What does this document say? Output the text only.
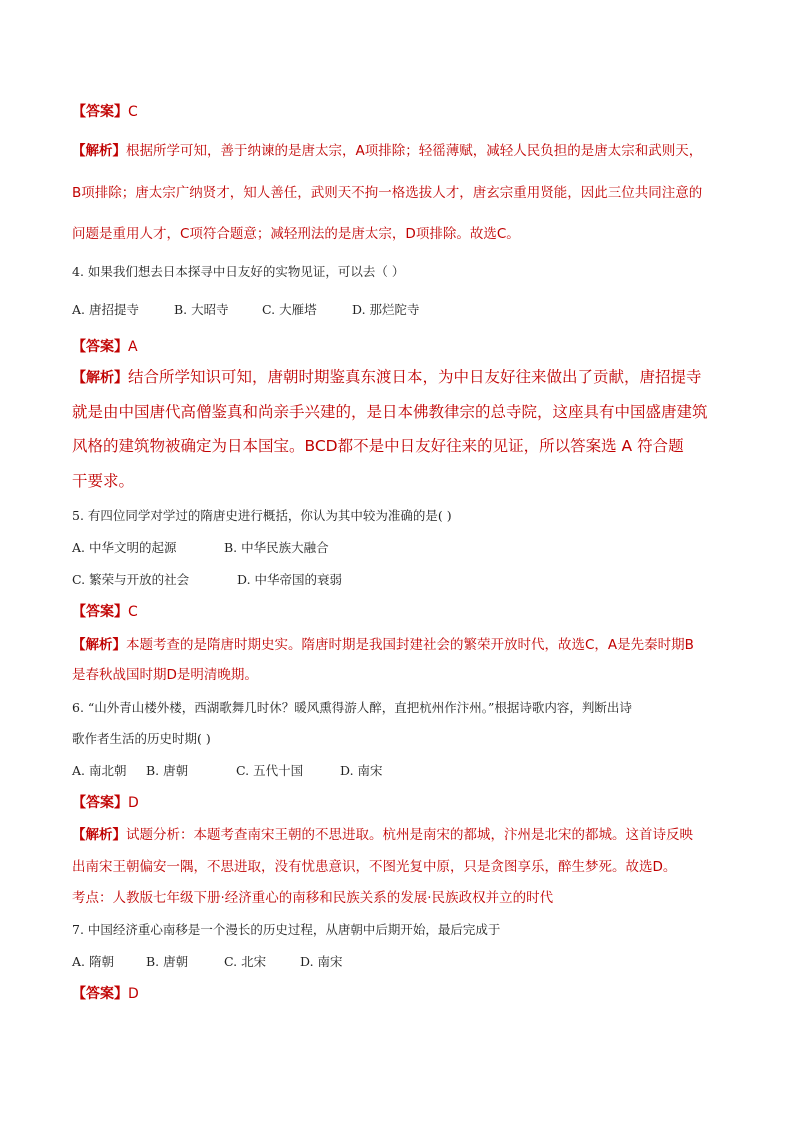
【答案】C
【解析】根据所学可知，善于纳谏的是唐太宗，A项排除；轻徭薄赋，减轻人民负担的是唐太宗和武则天，
B项排除；唐太宗广纳贤才，知人善任，武则天不拘一格选拔人才，唐玄宗重用贤能，因此三位共同注意的
问题是重用人才，C项符合题意；减轻刑法的是唐太宗，D项排除。故选C。
4. 如果我们想去日本探寻中日友好的实物见证，可以去（ ）
A. 唐招提寺	B. 大昭寺	C. 大雁塔	D. 那烂陀寺
【答案】A
【解析】结合所学知识可知，唐朝时期鉴真东渡日本，为中日友好往来做出了贡献，唐招提寺
就是由中国唐代高僧鉴真和尚亲手兴建的，是日本佛教律宗的总寺院，这座具有中国盛唐建筑
风格的建筑物被确定为日本国宝。BCD都不是中日友好往来的见证，所以答案选 A 符合题
干要求。
5. 有四位同学对学过的隋唐史进行概括，你认为其中较为准确的是( )
A. 中华文明的起源	B. 中华民族大融合
C. 繁荣与开放的社会	D. 中华帝国的衰弱
【答案】C
【解析】本题考查的是隋唐时期史实。隋唐时期是我国封建社会的繁荣开放时代，故选C，A是先秦时期B
是春秋战国时期D是明清晚期。
6. “山外青山楼外楼，西湖歌舞几时休？暖风熏得游人醉，直把杭州作汴州。”根据诗歌内容，判断出诗
歌作者生活的历史时期( )
A. 南北朝 B. 唐朝	C. 五代十国	D. 南宋
【答案】D
【解析】试题分析：本题考查南宋王朝的不思进取。杭州是南宋的都城，汴州是北宋的都城。这首诗反映
出南宋王朝偏安一隅，不思进取，没有忧患意识，不图光复中原，只是贪图享乐，醉生梦死。故选D。
考点：人教版七年级下册·经济重心的南移和民族关系的发展·民族政权并立的时代
7. 中国经济重心南移是一个漫长的历史过程，从唐朝中后期开始，最后完成于
A. 隋朝	B. 唐朝	C. 北宋	D. 南宋
【答案】D
